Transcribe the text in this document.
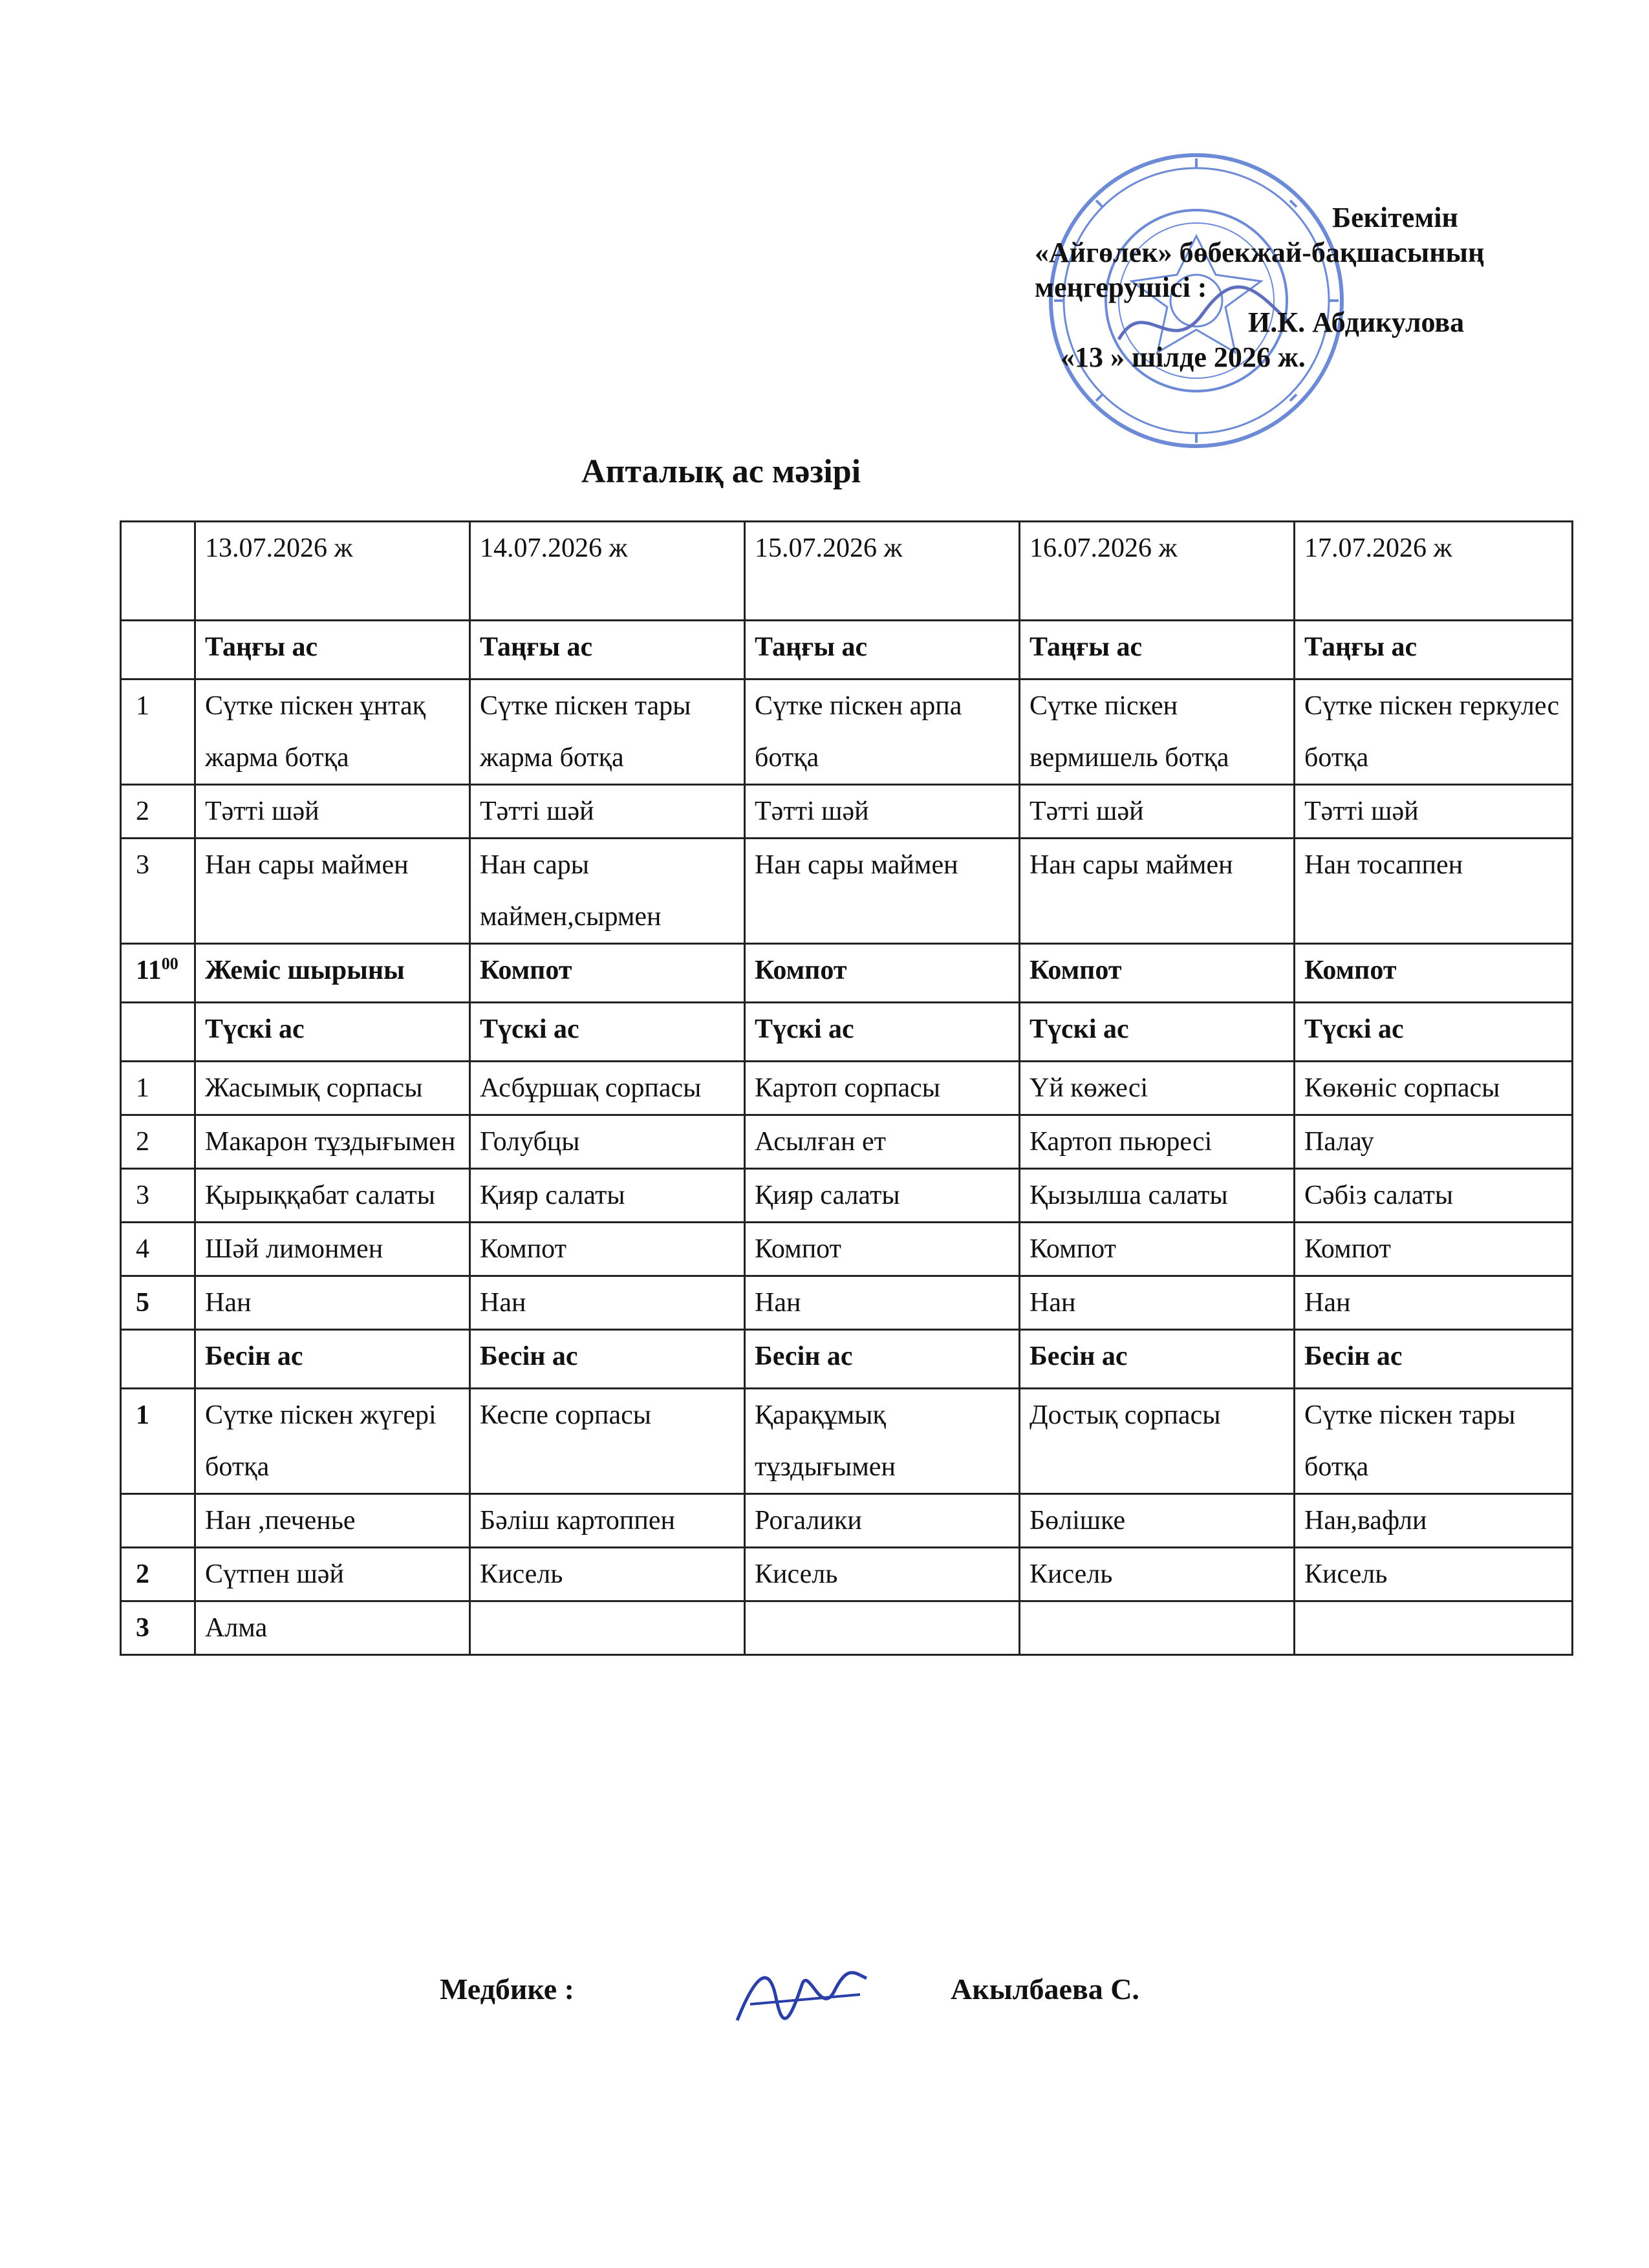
Бекітемін
«Айгөлек» бөбекжай-бақшасының
меңгерушісі :
И.К. Абдикулова
«13 » шілде 2026 ж.
Апталық ас мәзірі
	13.07.2026 ж	14.07.2026 ж	15.07.2026 ж	16.07.2026 ж	17.07.2026 ж
	Таңғы ас	Таңғы ас	Таңғы ас	Таңғы ас	Таңғы ас
1	Сүтке піскен ұнтақ жарма ботқа	Сүтке піскен тары жарма ботқа	Сүтке піскен арпа ботқа	Сүтке піскен вермишель ботқа	Сүтке піскен геркулес ботқа
2	Тәтті шәй	Тәтті шәй	Тәтті шәй	Тәтті шәй	Тәтті шәй
3	Нан сары маймен	Нан сары маймен,сырмен	Нан сары маймен	Нан сары маймен	Нан тосаппен
$11^{00}$	Жеміс шырыны	Компот	Компот	Компот	Компот
	Түскі ас	Түскі ас	Түскі ас	Түскі ас	Түскі ас
1	Жасымық сорпасы	Асбұршақ сорпасы	Картоп сорпасы	Үй көжесі	Көкөніс сорпасы
2	Макарон тұздығымен	Голубцы	Асылған ет	Картоп пьюресі	Палау
3	Қырыққабат салаты	Қияр салаты	Қияр салаты	Қызылша салаты	Сәбіз салаты
4	Шәй лимонмен	Компот	Компот	Компот	Компот
5	Нан	Нан	Нан	Нан	Нан
	Бесін ас	Бесін ас	Бесін ас	Бесін ас	Бесін ас
1	Сүтке піскен жүгері ботқа	Кеспе сорпасы	Қарақұмық тұздығымен	Достық сорпасы	Сүтке піскен тары ботқа
	Нан ,печенье	Бәліш картоппен	Рогалики	Бөлішке	Нан,вафли
2	Сүтпен шәй	Кисель	Кисель	Кисель	Кисель
3	Алма				
Медбике :	Акылбаева С.
